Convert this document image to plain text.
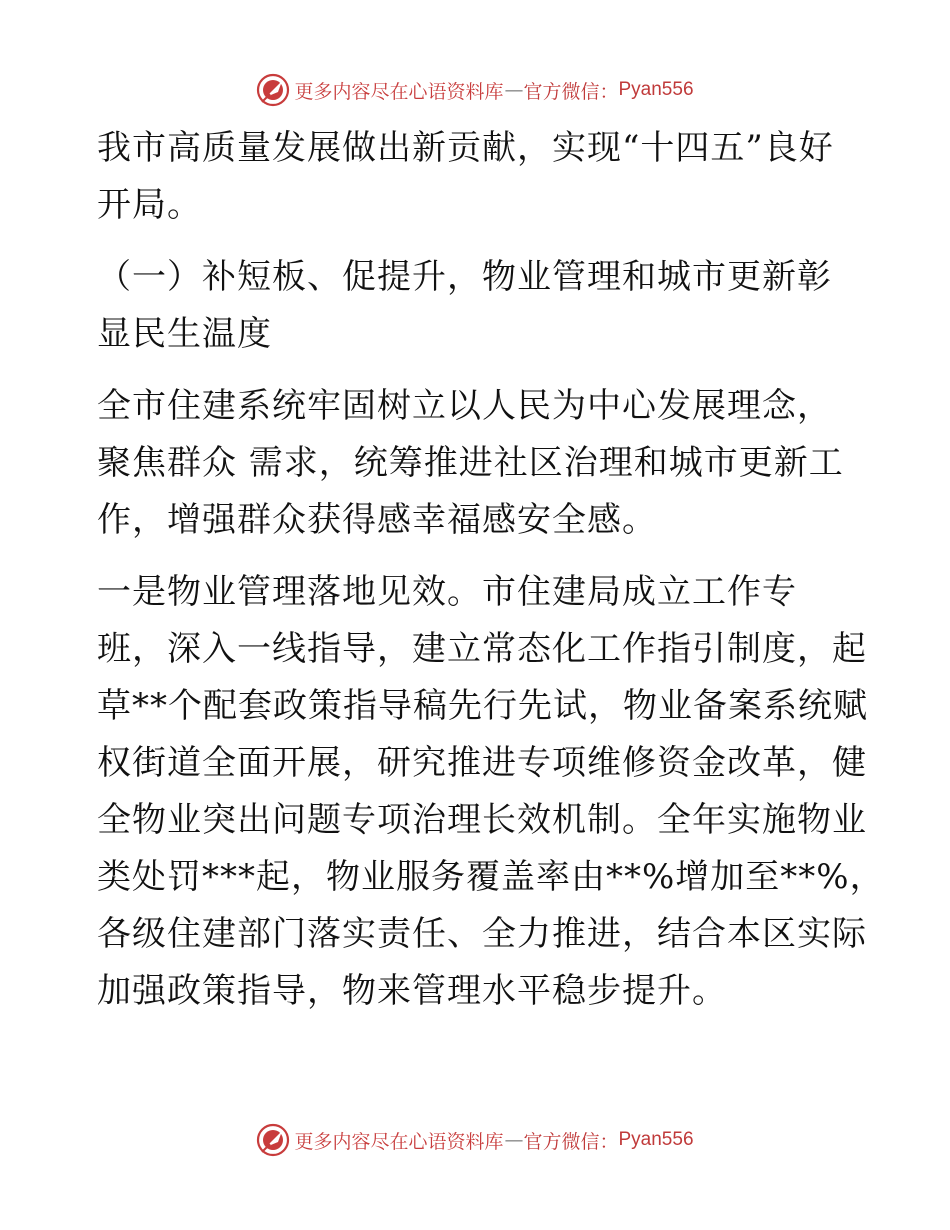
更多内容尽在心语资料库 — 官方微信： Pyan556

我市高质量发展做出新贡献，实现“十四五”良好
开局。

（一）补短板、促提升，物业管理和城市更新彰
显民生温度

全市住建系统牢固树立以人民为中心发展理念，
聚焦群众 需求，统筹推进社区治理和城市更新工
作，增强群众获得感幸福感安全感。

一是物业管理落地见效。市住建局成立工作专
班，深入一线指导，建立常态化工作指引制度，起
草**个配套政策指导稿先行先试，物业备案系统赋
权街道全面开展，研究推进专项维修资金改革，健
全物业突出问题专项治理长效机制。全年实施物业
类处罚***起，物业服务覆盖率由**%增加至**%，
各级住建部门落实责任、全力推进，结合本区实际
加强政策指导，物来管理水平稳步提升。

更多内容尽在心语资料库 — 官方微信： Pyan556
